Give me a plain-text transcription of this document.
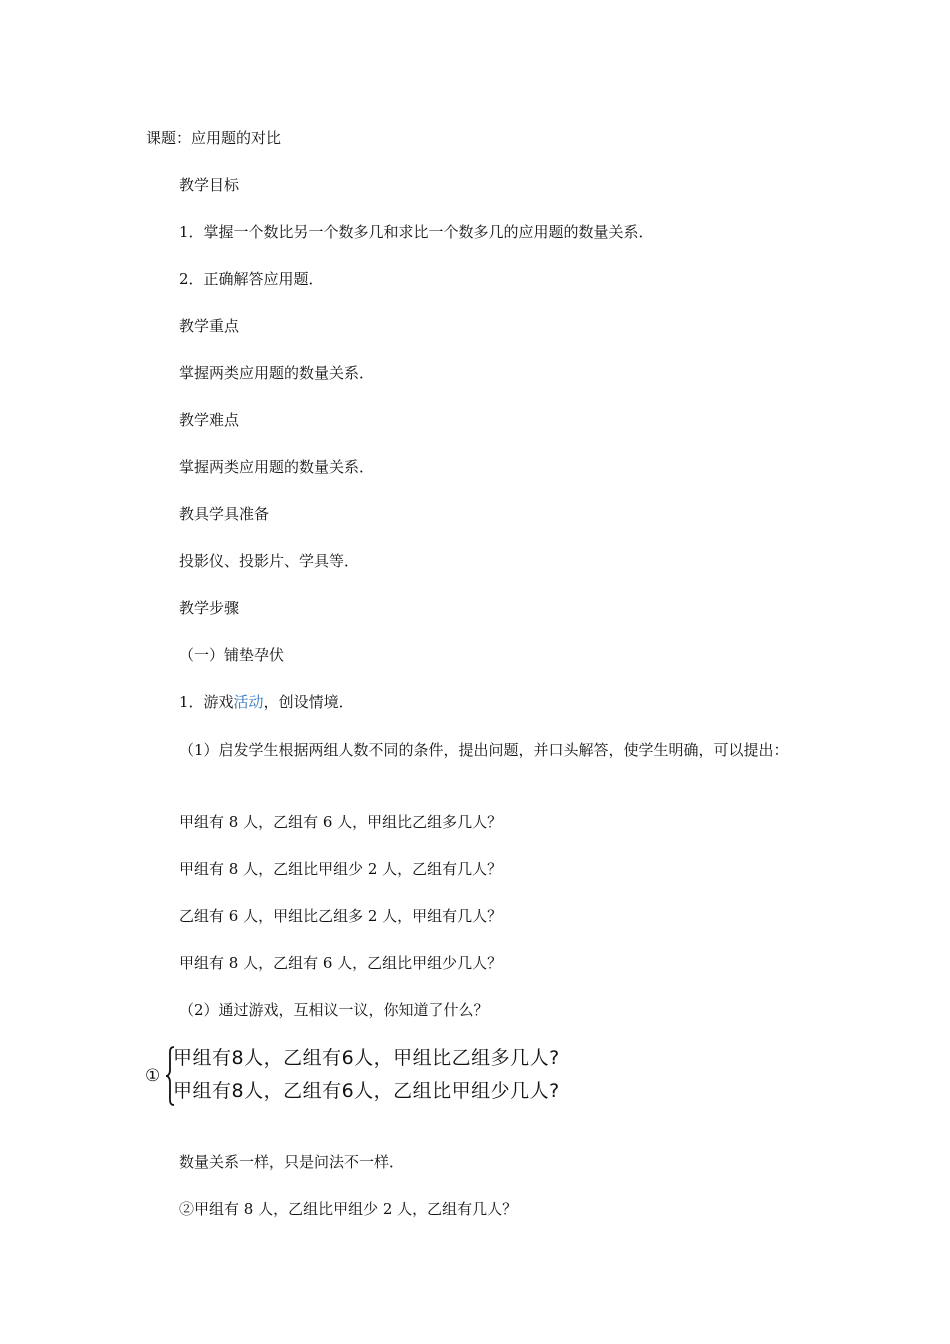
课题：应用题的对比
教学目标
1．掌握一个数比另一个数多几和求比一个数多几的应用题的数量关系．
2．正确解答应用题．
教学重点
掌握两类应用题的数量关系．
教学难点
掌握两类应用题的数量关系．
教具学具准备
投影仪、投影片、学具等．
教学步骤
（一）铺垫孕伏
1．游戏活动，创设情境．
（1）启发学生根据两组人数不同的条件，提出问题，并口头解答，使学生明确，可以提出：
甲组有 8 人，乙组有 6 人，甲组比乙组多几人？
甲组有 8 人，乙组比甲组少 2 人，乙组有几人？
乙组有 6 人，甲组比乙组多 2 人，甲组有几人？
甲组有 8 人，乙组有 6 人，乙组比甲组少几人？
（2）通过游戏，互相议一议，你知道了什么？
①
甲组有8人，乙组有6人，甲组比乙组多几人?
甲组有8人，乙组有6人，乙组比甲组少几人?
数量关系一样，只是问法不一样．
②甲组有 8 人，乙组比甲组少 2 人，乙组有几人？
